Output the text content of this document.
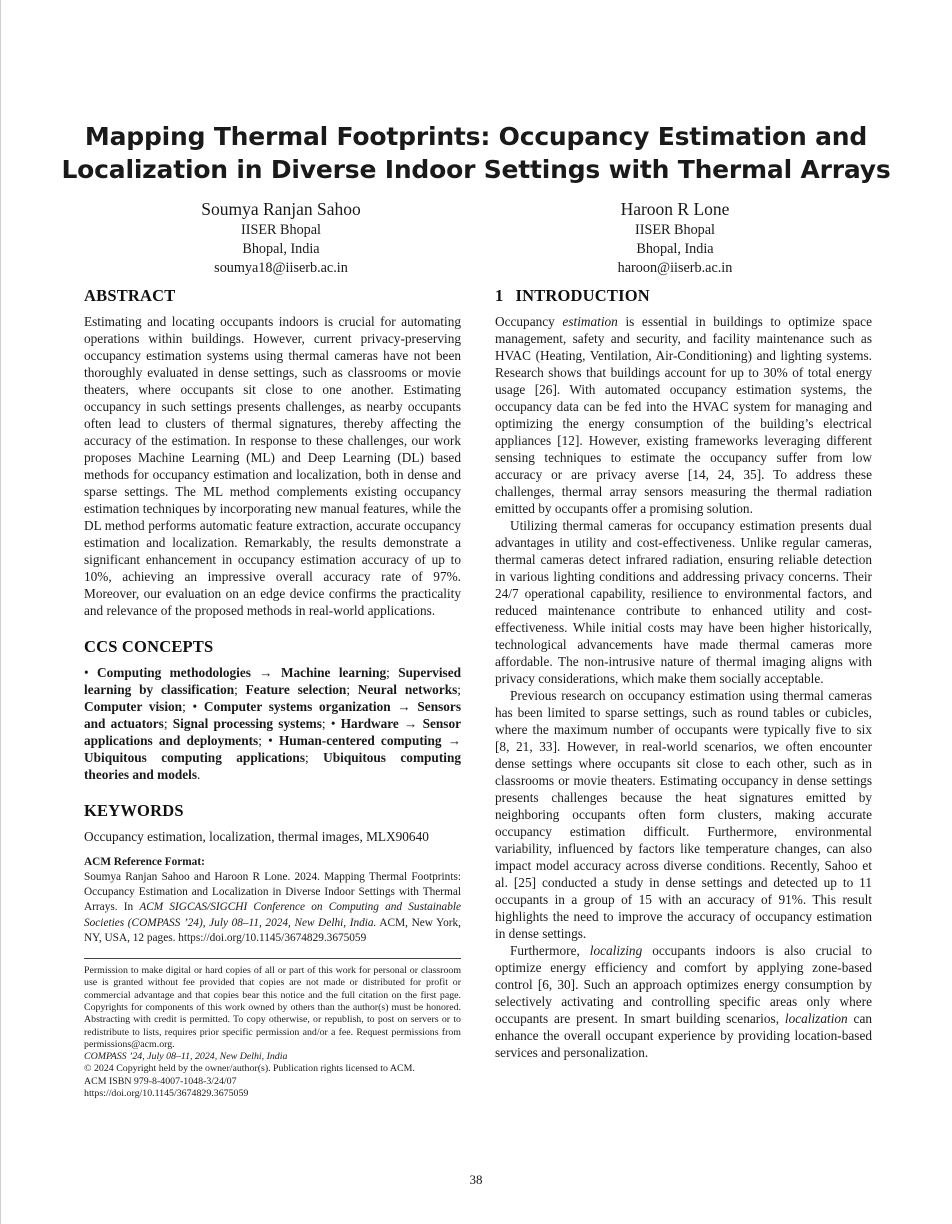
Mapping Thermal Footprints: Occupancy Estimation and
Localization in Diverse Indoor Settings with Thermal Arrays
Soumya Ranjan Sahoo
IISER Bhopal
Bhopal, India
soumya18@iiserb.ac.in
Haroon R Lone
IISER Bhopal
Bhopal, India
haroon@iiserb.ac.in
ABSTRACT

Estimating and locating occupants indoors is crucial for automating operations within buildings. However, current privacy-preserving occupancy estimation systems using thermal cameras have not been thoroughly evaluated in dense settings, such as classrooms or movie theaters, where occupants sit close to one another. Estimating occupancy in such settings presents challenges, as nearby occupants often lead to clusters of thermal signatures, thereby affecting the accuracy of the estimation. In response to these challenges, our work proposes Machine Learning (ML) and Deep Learning (DL) based methods for occupancy estimation and localization, both in dense and sparse settings. The ML method complements existing occupancy estimation techniques by incorporating new manual features, while the DL method performs automatic feature extraction, accurate occupancy estimation and localization. Remarkably, the results demonstrate a significant enhancement in occupancy estimation accuracy of up to 10%, achieving an impressive overall accuracy rate of 97%. Moreover, our evaluation on an edge device confirms the practicality and relevance of the proposed methods in real-world applications.

CCS CONCEPTS

• Computing methodologies → Machine learning; Supervised learning by classification; Feature selection; Neural networks; Computer vision; • Computer systems organization → Sensors and actuators; Signal processing systems; • Hardware → Sensor applications and deployments; • Human-centered computing → Ubiquitous computing applications; Ubiquitous computing theories and models.

KEYWORDS

Occupancy estimation, localization, thermal images, MLX90640

ACM Reference Format:

Soumya Ranjan Sahoo and Haroon R Lone. 2024. Mapping Thermal Footprints: Occupancy Estimation and Localization in Diverse Indoor Settings with Thermal Arrays. In ACM SIGCAS/SIGCHI Conference on Computing and Sustainable Societies (COMPASS ’24), July 08–11, 2024, New Delhi, India. ACM, New York, NY, USA, 12 pages. https://doi.org/10.1145/3674829.3675059

Permission to make digital or hard copies of all or part of this work for personal or classroom use is granted without fee provided that copies are not made or distributed for profit or commercial advantage and that copies bear this notice and the full citation on the first page. Copyrights for components of this work owned by others than the author(s) must be honored. Abstracting with credit is permitted. To copy otherwise, or republish, to post on servers or to redistribute to lists, requires prior specific permission and/or a fee. Request permissions from permissions@acm.org.

COMPASS ’24, July 08–11, 2024, New Delhi, India

© 2024 Copyright held by the owner/author(s). Publication rights licensed to ACM.

ACM ISBN 979-8-4007-1048-3/24/07

https://doi.org/10.1145/3674829.3675059

1 INTRODUCTION

Occupancy estimation is essential in buildings to optimize space management, safety and security, and facility maintenance such as HVAC (Heating, Ventilation, Air-Conditioning) and lighting systems. Research shows that buildings account for up to 30% of total energy usage [26]. With automated occupancy estimation systems, the occupancy data can be fed into the HVAC system for managing and optimizing the energy consumption of the building’s electrical appliances [12]. However, existing frameworks leveraging different sensing techniques to estimate the occupancy suffer from low accuracy or are privacy averse [14, 24, 35]. To address these challenges, thermal array sensors measuring the thermal radiation emitted by occupants offer a promising solution.

Utilizing thermal cameras for occupancy estimation presents dual advantages in utility and cost-effectiveness. Unlike regular cameras, thermal cameras detect infrared radiation, ensuring reliable detection in various lighting conditions and addressing privacy concerns. Their 24/7 operational capability, resilience to environmental factors, and reduced maintenance contribute to enhanced utility and cost-effectiveness. While initial costs may have been higher historically, technological advancements have made thermal cameras more affordable. The non-intrusive nature of thermal imaging aligns with privacy considerations, which make them socially acceptable.

Previous research on occupancy estimation using thermal cameras has been limited to sparse settings, such as round tables or cubicles, where the maximum number of occupants were typically five to six [8, 21, 33]. However, in real-world scenarios, we often encounter dense settings where occupants sit close to each other, such as in classrooms or movie theaters. Estimating occupancy in dense settings presents challenges because the heat signatures emitted by neighboring occupants often form clusters, making accurate occupancy estimation difficult. Furthermore, environmental variability, influenced by factors like temperature changes, can also impact model accuracy across diverse conditions. Recently, Sahoo et al. [25] conducted a study in dense settings and detected up to 11 occupants in a group of 15 with an accuracy of 91%. This result highlights the need to improve the accuracy of occupancy estimation in dense settings.

Furthermore, localizing occupants indoors is also crucial to optimize energy efficiency and comfort by applying zone-based control [6, 30]. Such an approach optimizes energy consumption by selectively activating and controlling specific areas only where occupants are present. In smart building scenarios, localization can enhance the overall occupant experience by providing location-based services and personalization.

38
